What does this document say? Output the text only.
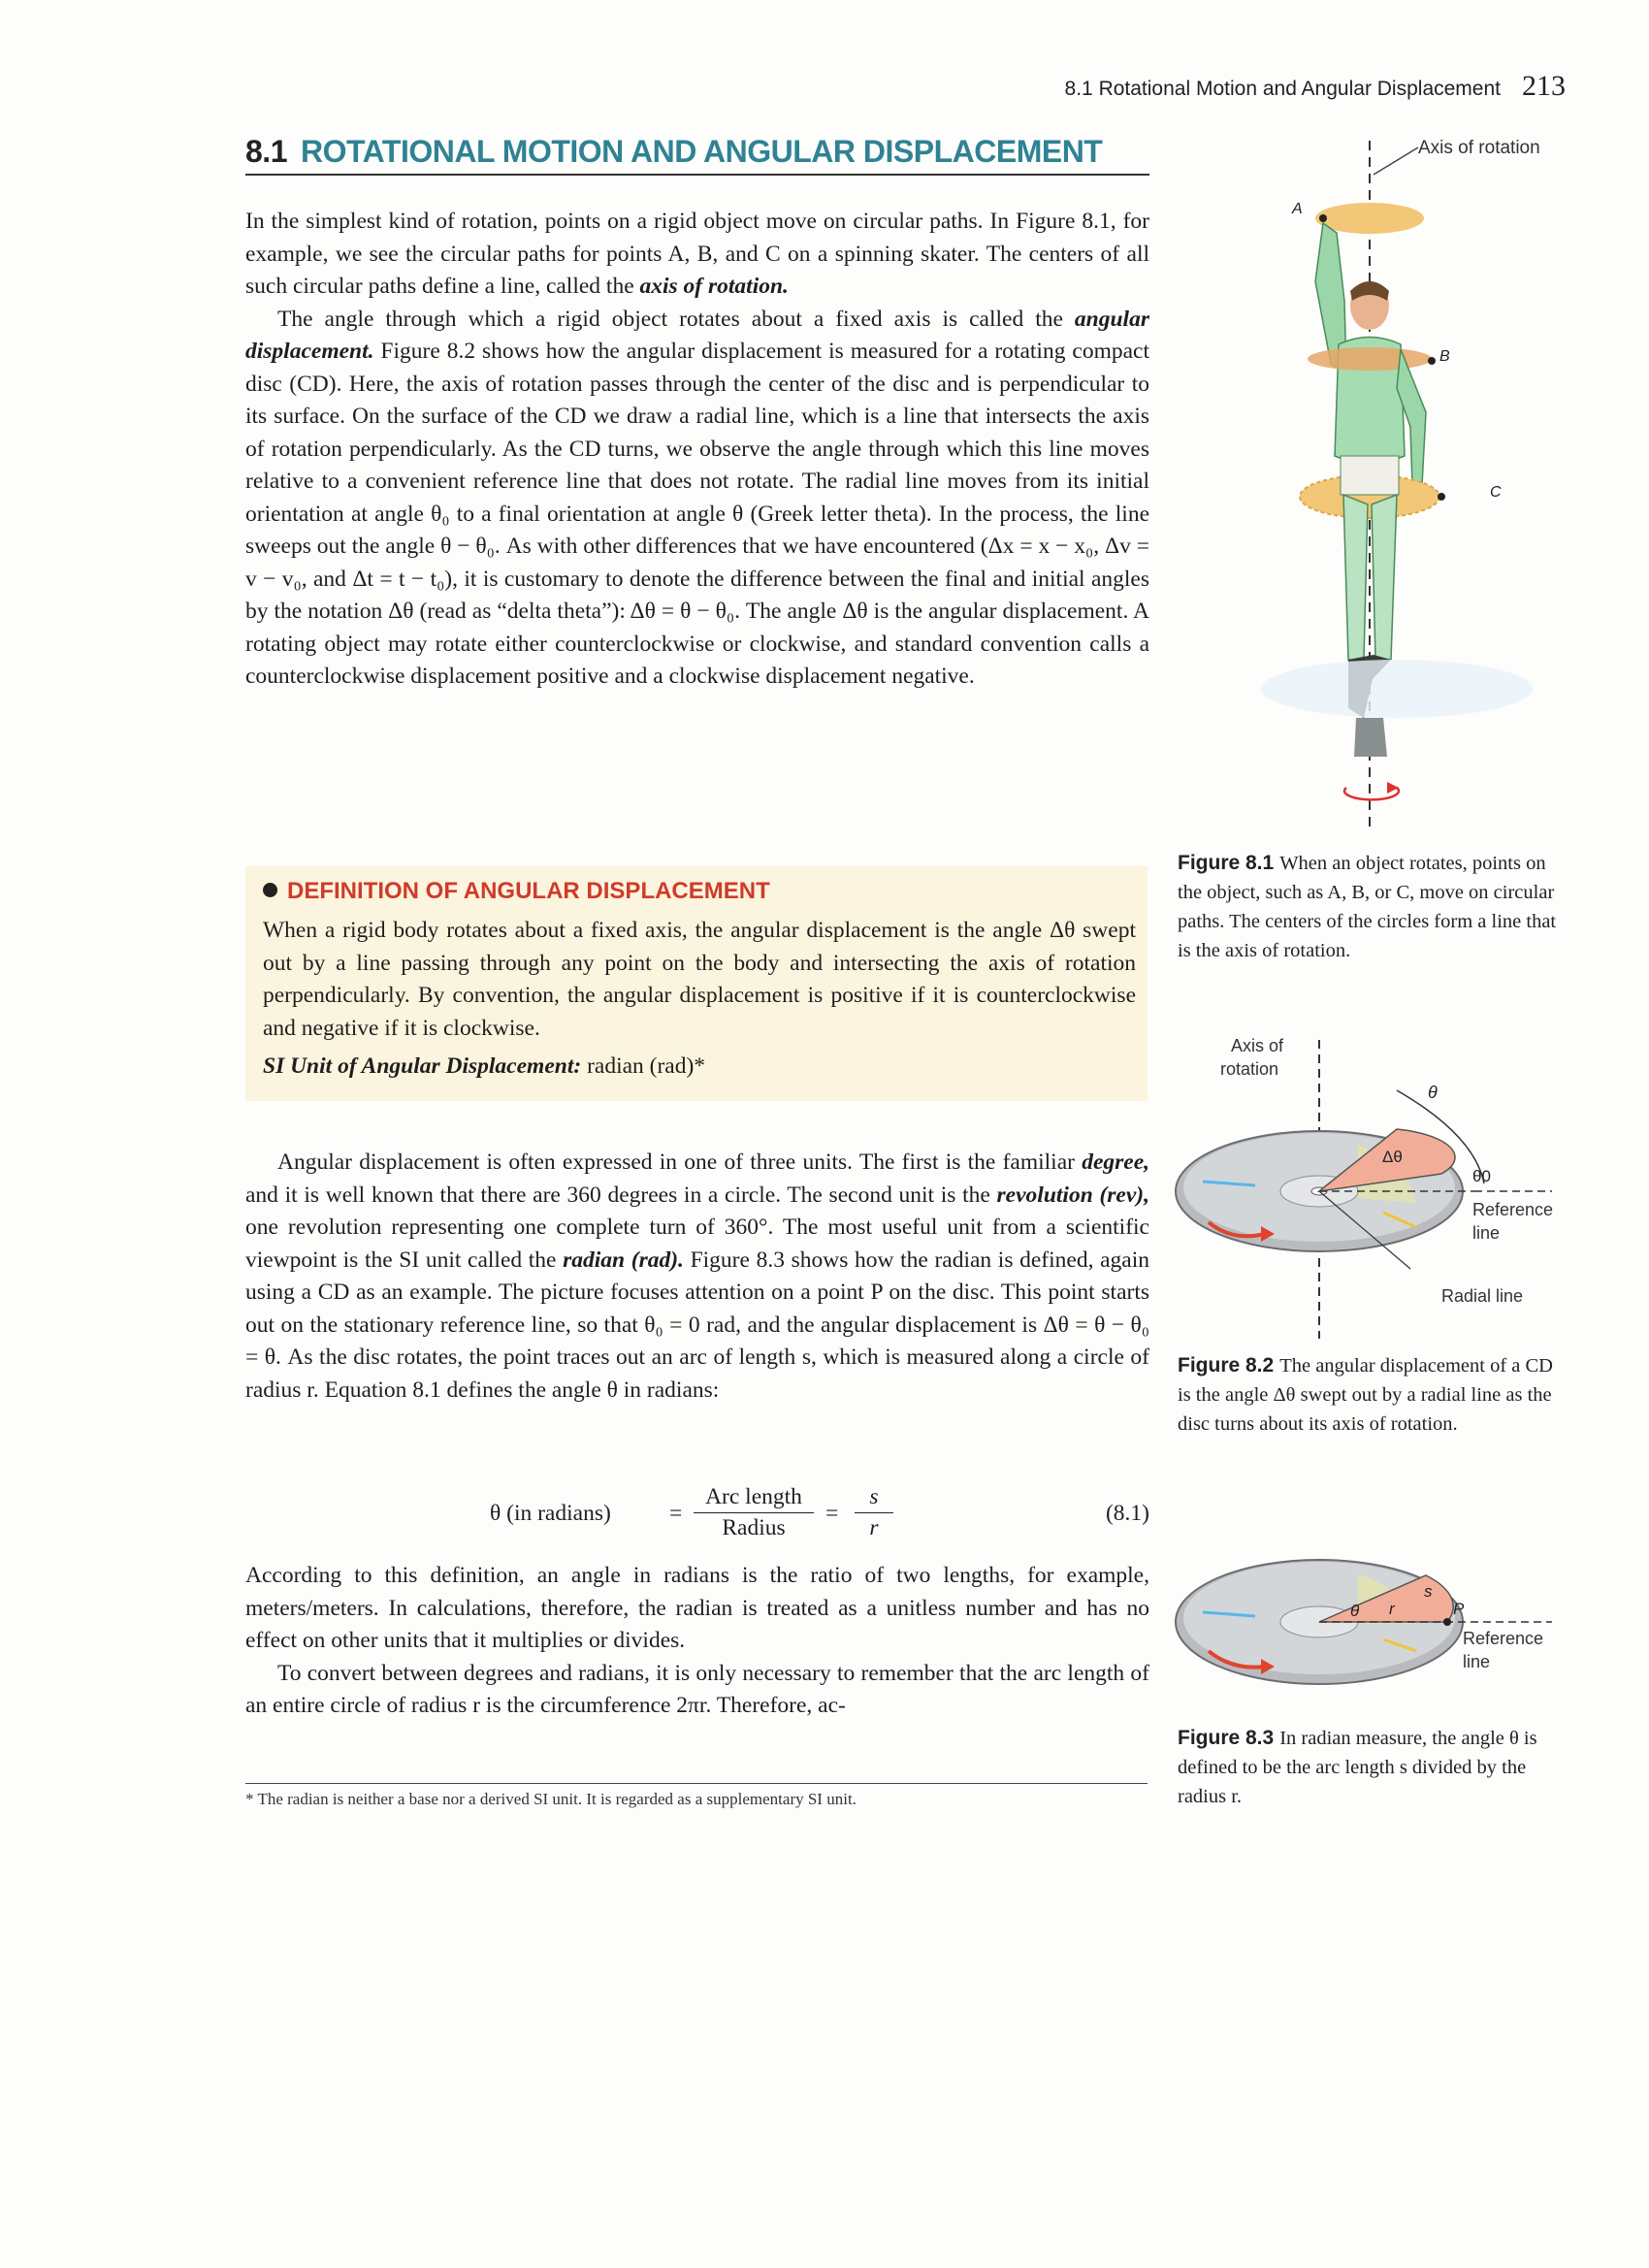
8.1 Rotational Motion and Angular Displacement 213
8.1 ROTATIONAL MOTION AND ANGULAR DISPLACEMENT

In the simplest kind of rotation, points on a rigid object move on circular paths. In Figure 8.1, for example, we see the circular paths for points A, B, and C on a spinning skater. The centers of all such circular paths define a line, called the axis of rotation.

The angle through which a rigid object rotates about a fixed axis is called the angular displacement. Figure 8.2 shows how the angular displacement is measured for a rotating compact disc (CD). Here, the axis of rotation passes through the center of the disc and is perpendicular to its surface. On the surface of the CD we draw a radial line, which is a line that intersects the axis of rotation perpendicularly. As the CD turns, we observe the angle through which this line moves relative to a convenient reference line that does not rotate. The radial line moves from its initial orientation at angle θ₀ to a final orientation at angle θ (Greek letter theta). In the process, the line sweeps out the angle θ − θ₀. As with other differences that we have encountered (Δx = x − x₀, Δv = v − v₀, and Δt = t − t₀), it is customary to denote the difference between the final and initial angles by the notation Δθ (read as “delta theta”): Δθ = θ − θ₀. The angle Δθ is the angular displacement. A rotating object may rotate either counterclockwise or clockwise, and standard convention calls a counterclockwise displacement positive and a clockwise displacement negative.

DEFINITION OF ANGULAR DISPLACEMENT
When a rigid body rotates about a fixed axis, the angular displacement is the angle Δθ swept out by a line passing through any point on the body and intersecting the axis of rotation perpendicularly. By convention, the angular displacement is positive if it is counterclockwise and negative if it is clockwise.
SI Unit of Angular Displacement: radian (rad)*

Angular displacement is often expressed in one of three units. The first is the familiar degree, and it is well known that there are 360 degrees in a circle. The second unit is the revolution (rev), one revolution representing one complete turn of 360°. The most useful unit from a scientific viewpoint is the SI unit called the radian (rad). Figure 8.3 shows how the radian is defined, again using a CD as an example. The picture focuses attention on a point P on the disc. This point starts out on the stationary reference line, so that θ₀ = 0 rad, and the angular displacement is Δθ = θ − θ₀ = θ. As the disc rotates, the point traces out an arc of length s, which is measured along a circle of radius r. Equation 8.1 defines the angle θ in radians:

θ (in radians)	=
Arc length
Radius
=
s
r
(8.1)

According to this definition, an angle in radians is the ratio of two lengths, for example, meters/meters. In calculations, therefore, the radian is treated as a unitless number and has no effect on other units that it multiplies or divides.

To convert between degrees and radians, it is only necessary to remember that the arc length of an entire circle of radius r is the circumference 2πr. Therefore, ac-

* The radian is neither a base nor a derived SI unit. It is regarded as a supplementary SI unit.
Axis of rotation
A
B
C
Figure 8.1 When an object rotates, points on the object, such as A, B, or C, move on circular paths. The centers of the circles form a line that is the axis of rotation.
Axis of
rotation
θ
Δθ
θ0
Reference
line
Radial line
Figure 8.2 The angular displacement of a CD is the angle Δθ swept out by a radial line as the disc turns about its axis of rotation.
θ r
s
P
Reference
line
Figure 8.3 In radian measure, the angle θ is defined to be the arc length s divided by the radius r.
